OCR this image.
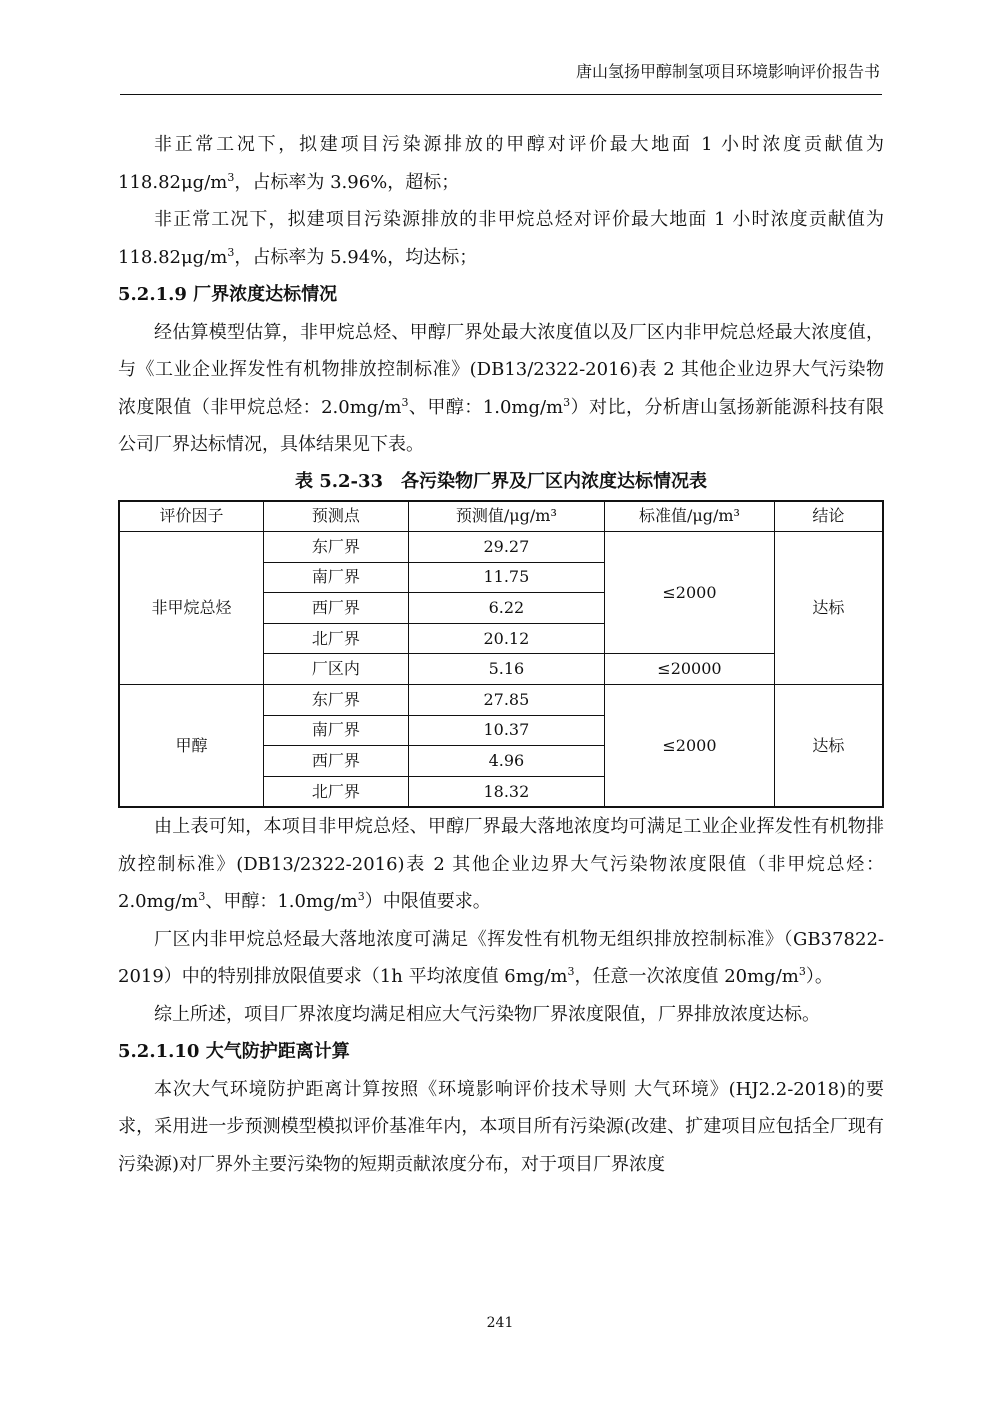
唐山氢扬甲醇制氢项目环境影响评价报告书

非正常工况下，拟建项目污染源排放的甲醇对评价最大地面 1 小时浓度贡献值为 $118.82\mu g/m^3$，占标率为 3.96%，超标；

非正常工况下，拟建项目污染源排放的非甲烷总烃对评价最大地面 1 小时浓度贡献值为 $118.82\mu g/m^3$，占标率为 5.94%，均达标；

5.2.1.9 厂界浓度达标情况

经估算模型估算，非甲烷总烃、甲醇厂界处最大浓度值以及厂区内非甲烷总烃最大浓度值，与《工业企业挥发性有机物排放控制标准》(DB13/2322-2016)表 2 其他企业边界大气污染物浓度限值（非甲烷总烃：$2.0mg/m^3$、甲醇：$1.0mg/m^3$）对比，分析唐山氢扬新能源科技有限公司厂界达标情况，具体结果见下表。

表 5.2-33　各污染物厂界及厂区内浓度达标情况表

评价因子	预测点	预测值/μg/m³	标准值/μg/m³	结论
非甲烷总烃	东厂界	29.27	≤2000	达标
	南厂界	11.75		
	西厂界	6.22		
	北厂界	20.12		
	厂区内	5.16	≤20000	
甲醇	东厂界	27.85	≤2000	达标
	南厂界	10.37		
	西厂界	4.96		
	北厂界	18.32		

由上表可知，本项目非甲烷总烃、甲醇厂界最大落地浓度均可满足工业企业挥发性有机物排放控制标准》(DB13/2322-2016)表 2 其他企业边界大气污染物浓度限值（非甲烷总烃：$2.0mg/m^3$、甲醇：$1.0mg/m^3$）中限值要求。

厂区内非甲烷总烃最大落地浓度可满足《挥发性有机物无组织排放控制标准》（GB37822-2019）中的特别排放限值要求（1h 平均浓度值 $6mg/m^3$，任意一次浓度值 $20mg/m^3$）。

综上所述，项目厂界浓度均满足相应大气污染物厂界浓度限值，厂界排放浓度达标。

5.2.1.10 大气防护距离计算

本次大气环境防护距离计算按照《环境影响评价技术导则 大气环境》(HJ2.2-2018)的要求，采用进一步预测模型模拟评价基准年内，本项目所有污染源(改建、扩建项目应包括全厂现有污染源)对厂界外主要污染物的短期贡献浓度分布，对于项目厂界浓度

241
